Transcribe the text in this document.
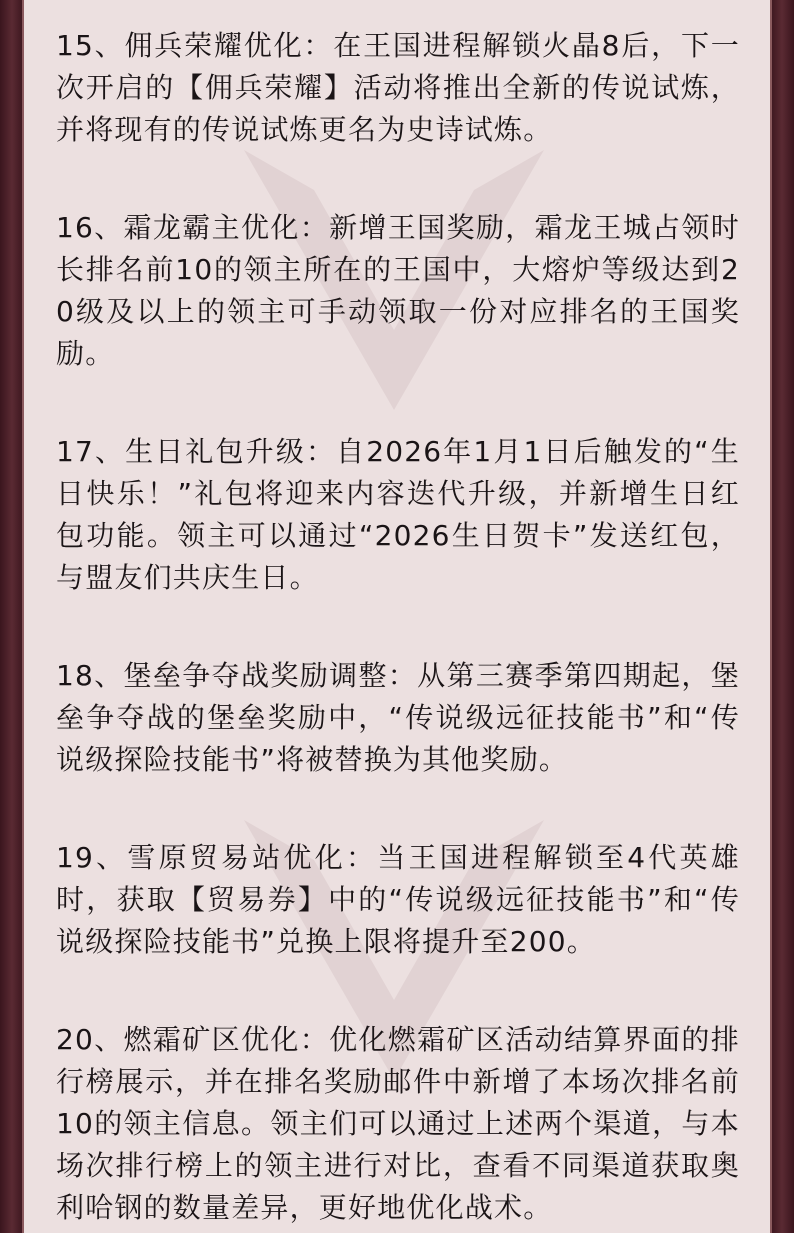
15、佣兵荣耀优化：在王国进程解锁火晶8后，下一次开启的【佣兵荣耀】活动将推出全新的传说试炼，并将现有的传说试炼更名为史诗试炼。

16、霜龙霸主优化：新增王国奖励，霜龙王城占领时长排名前10的领主所在的王国中，大熔炉等级达到20级及以上的领主可手动领取一份对应排名的王国奖励。

17、生日礼包升级：自2026年1月1日后触发的“生日快乐！”礼包将迎来内容迭代升级，并新增生日红包功能。领主可以通过“2026生日贺卡”发送红包，与盟友们共庆生日。

18、堡垒争夺战奖励调整：从第三赛季第四期起，堡垒争夺战的堡垒奖励中，“传说级远征技能书”和“传说级探险技能书”将被替换为其他奖励。

19、雪原贸易站优化：当王国进程解锁至4代英雄时，获取【贸易券】中的“传说级远征技能书”和“传说级探险技能书”兑换上限将提升至200。

20、燃霜矿区优化：优化燃霜矿区活动结算界面的排行榜展示，并在排名奖励邮件中新增了本场次排名前10的领主信息。领主们可以通过上述两个渠道，与本场次排行榜上的领主进行对比，查看不同渠道获取奥利哈钢的数量差异，更好地优化战术。
